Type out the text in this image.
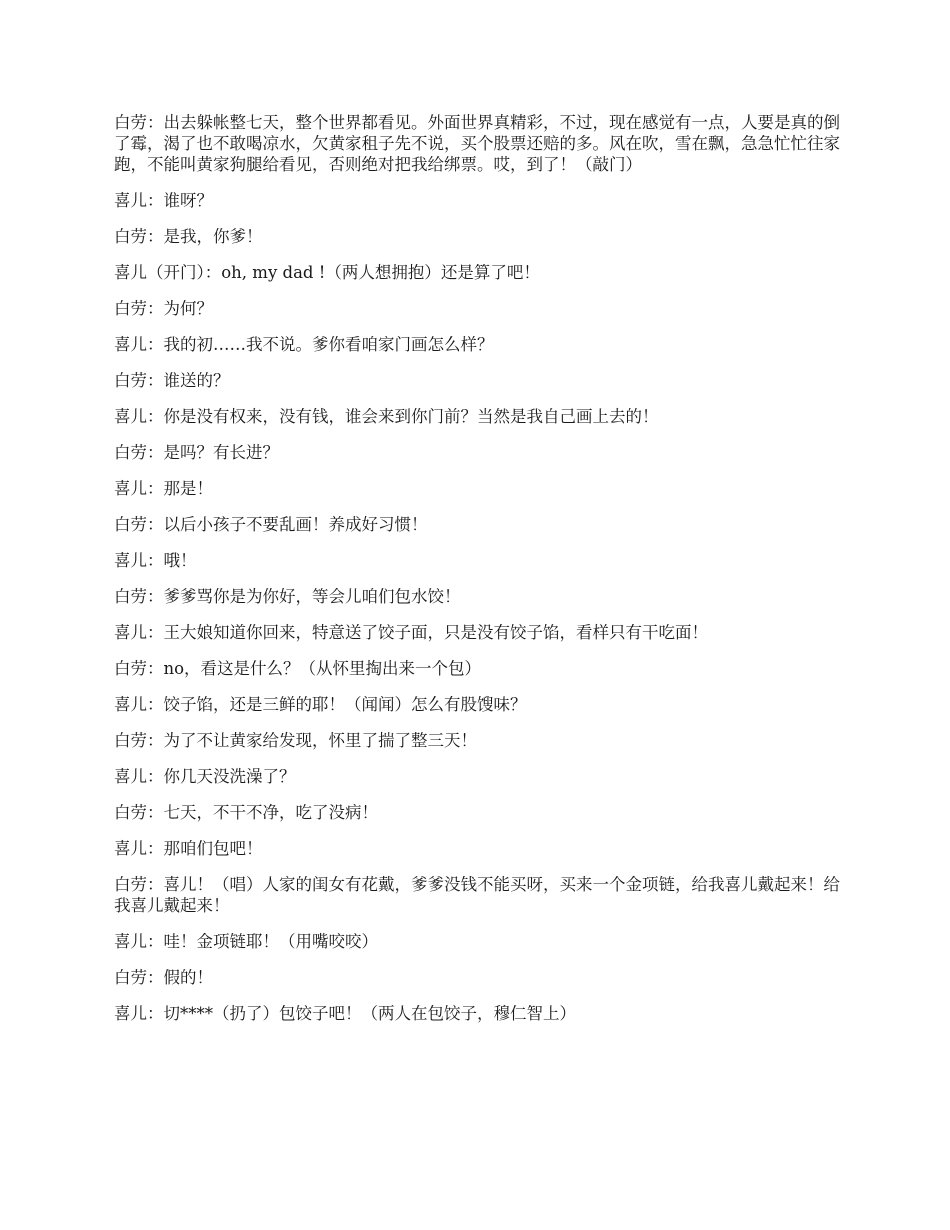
白劳：出去躲帐整七天，整个世界都看见。外面世界真精彩，不过，现在感觉有一点，人要是真的倒了霉，渴了也不敢喝凉水，欠黄家租子先不说，买个股票还赔的多。风在吹，雪在飘，急急忙忙往家跑，不能叫黄家狗腿给看见，否则绝对把我给绑票。哎，到了！（敲门）

喜儿：谁呀？

白劳：是我，你爹！

喜儿（开门）：oh, my dad !（两人想拥抱）还是算了吧！

白劳：为何？

喜儿：我的初……我不说。爹你看咱家门画怎么样？

白劳：谁送的？

喜儿：你是没有权来，没有钱，谁会来到你门前？当然是我自己画上去的！

白劳：是吗？有长进？

喜儿：那是！

白劳：以后小孩子不要乱画！养成好习惯！

喜儿：哦！

白劳：爹爹骂你是为你好，等会儿咱们包水饺！

喜儿：王大娘知道你回来，特意送了饺子面，只是没有饺子馅，看样只有干吃面！

白劳：no，看这是什么？（从怀里掏出来一个包）

喜儿：饺子馅，还是三鲜的耶！（闻闻）怎么有股馊味？

白劳：为了不让黄家给发现，怀里了揣了整三天！

喜儿：你几天没洗澡了？

白劳：七天，不干不净，吃了没病！

喜儿：那咱们包吧！

白劳：喜儿！（唱）人家的闺女有花戴，爹爹没钱不能买呀，买来一个金项链，给我喜儿戴起来！给我喜儿戴起来！

喜儿：哇！金项链耶！（用嘴咬咬）

白劳：假的！

喜儿：切****（扔了）包饺子吧！（两人在包饺子，穆仁智上）
